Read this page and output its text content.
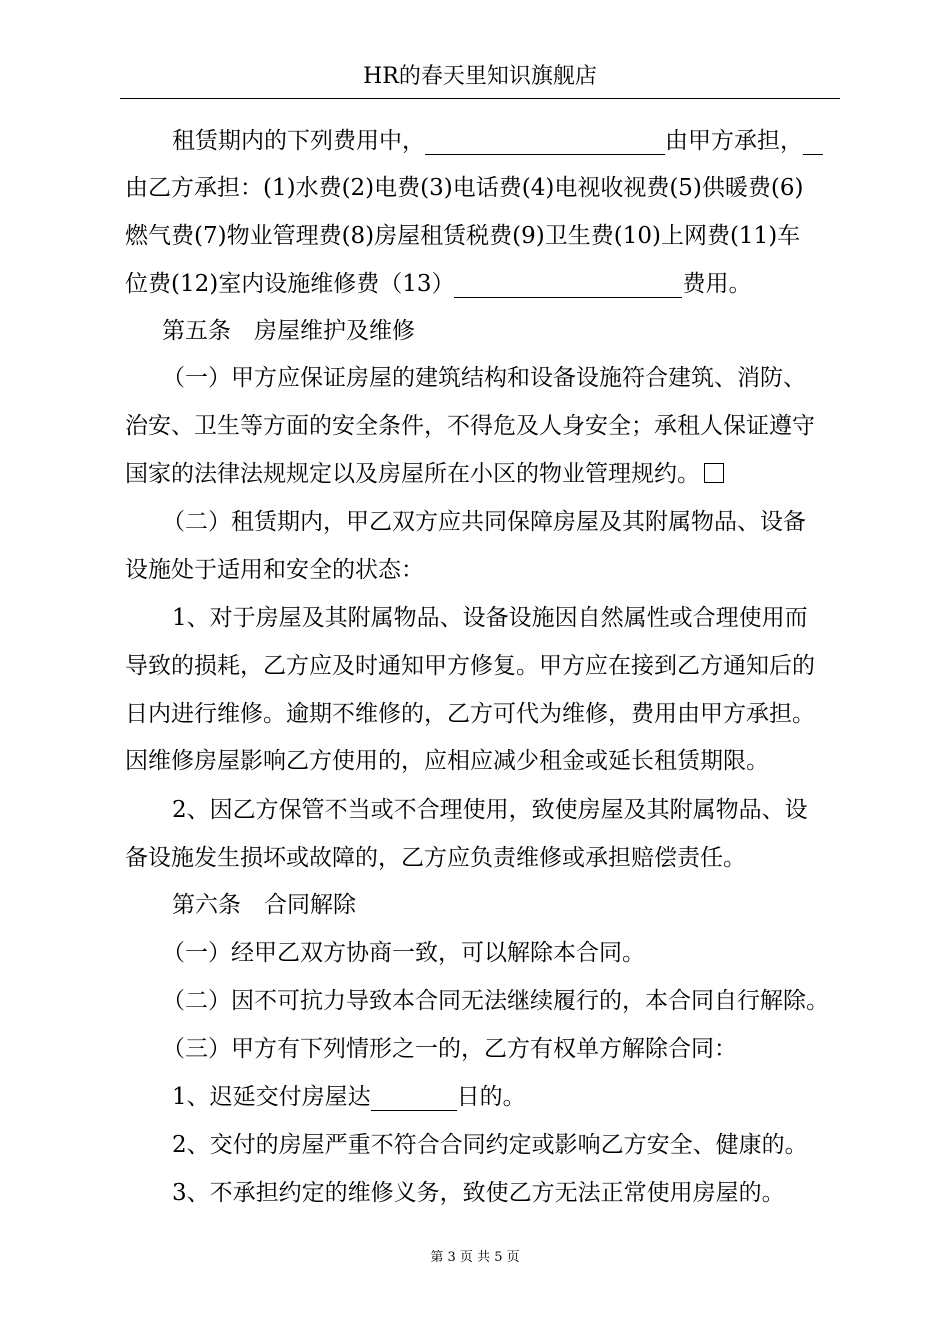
HR的春天里知识旗舰店
租赁期内的下列费用中，	由甲方承担，
由乙方承担：(1)水费(2)电费(3)电话费(4)电视收视费(5)供暖费(6)
燃气费(7)物业管理费(8)房屋租赁税费(9)卫生费(10)上网费(11)车
位费(12)室内设施维修费（13）	费用。
第五条　房屋维护及维修
（一）甲方应保证房屋的建筑结构和设备设施符合建筑、消防、
治安、卫生等方面的安全条件，不得危及人身安全；承租人保证遵守
国家的法律法规规定以及房屋所在小区的物业管理规约。
（二）租赁期内，甲乙双方应共同保障房屋及其附属物品、设备
设施处于适用和安全的状态：
1、对于房屋及其附属物品、设备设施因自然属性或合理使用而
导致的损耗，乙方应及时通知甲方修复。甲方应在接到乙方通知后的
日内进行维修。逾期不维修的，乙方可代为维修，费用由甲方承担。
因维修房屋影响乙方使用的，应相应减少租金或延长租赁期限。
2、因乙方保管不当或不合理使用，致使房屋及其附属物品、设
备设施发生损坏或故障的，乙方应负责维修或承担赔偿责任。
第六条　合同解除
（一）经甲乙双方协商一致，可以解除本合同。
（二）因不可抗力导致本合同无法继续履行的，本合同自行解除。
（三）甲方有下列情形之一的，乙方有权单方解除合同：
1、迟延交付房屋达	日的。
2、交付的房屋严重不符合合同约定或影响乙方安全、健康的。
3、不承担约定的维修义务，致使乙方无法正常使用房屋的。
第 3 页 共 5 页
